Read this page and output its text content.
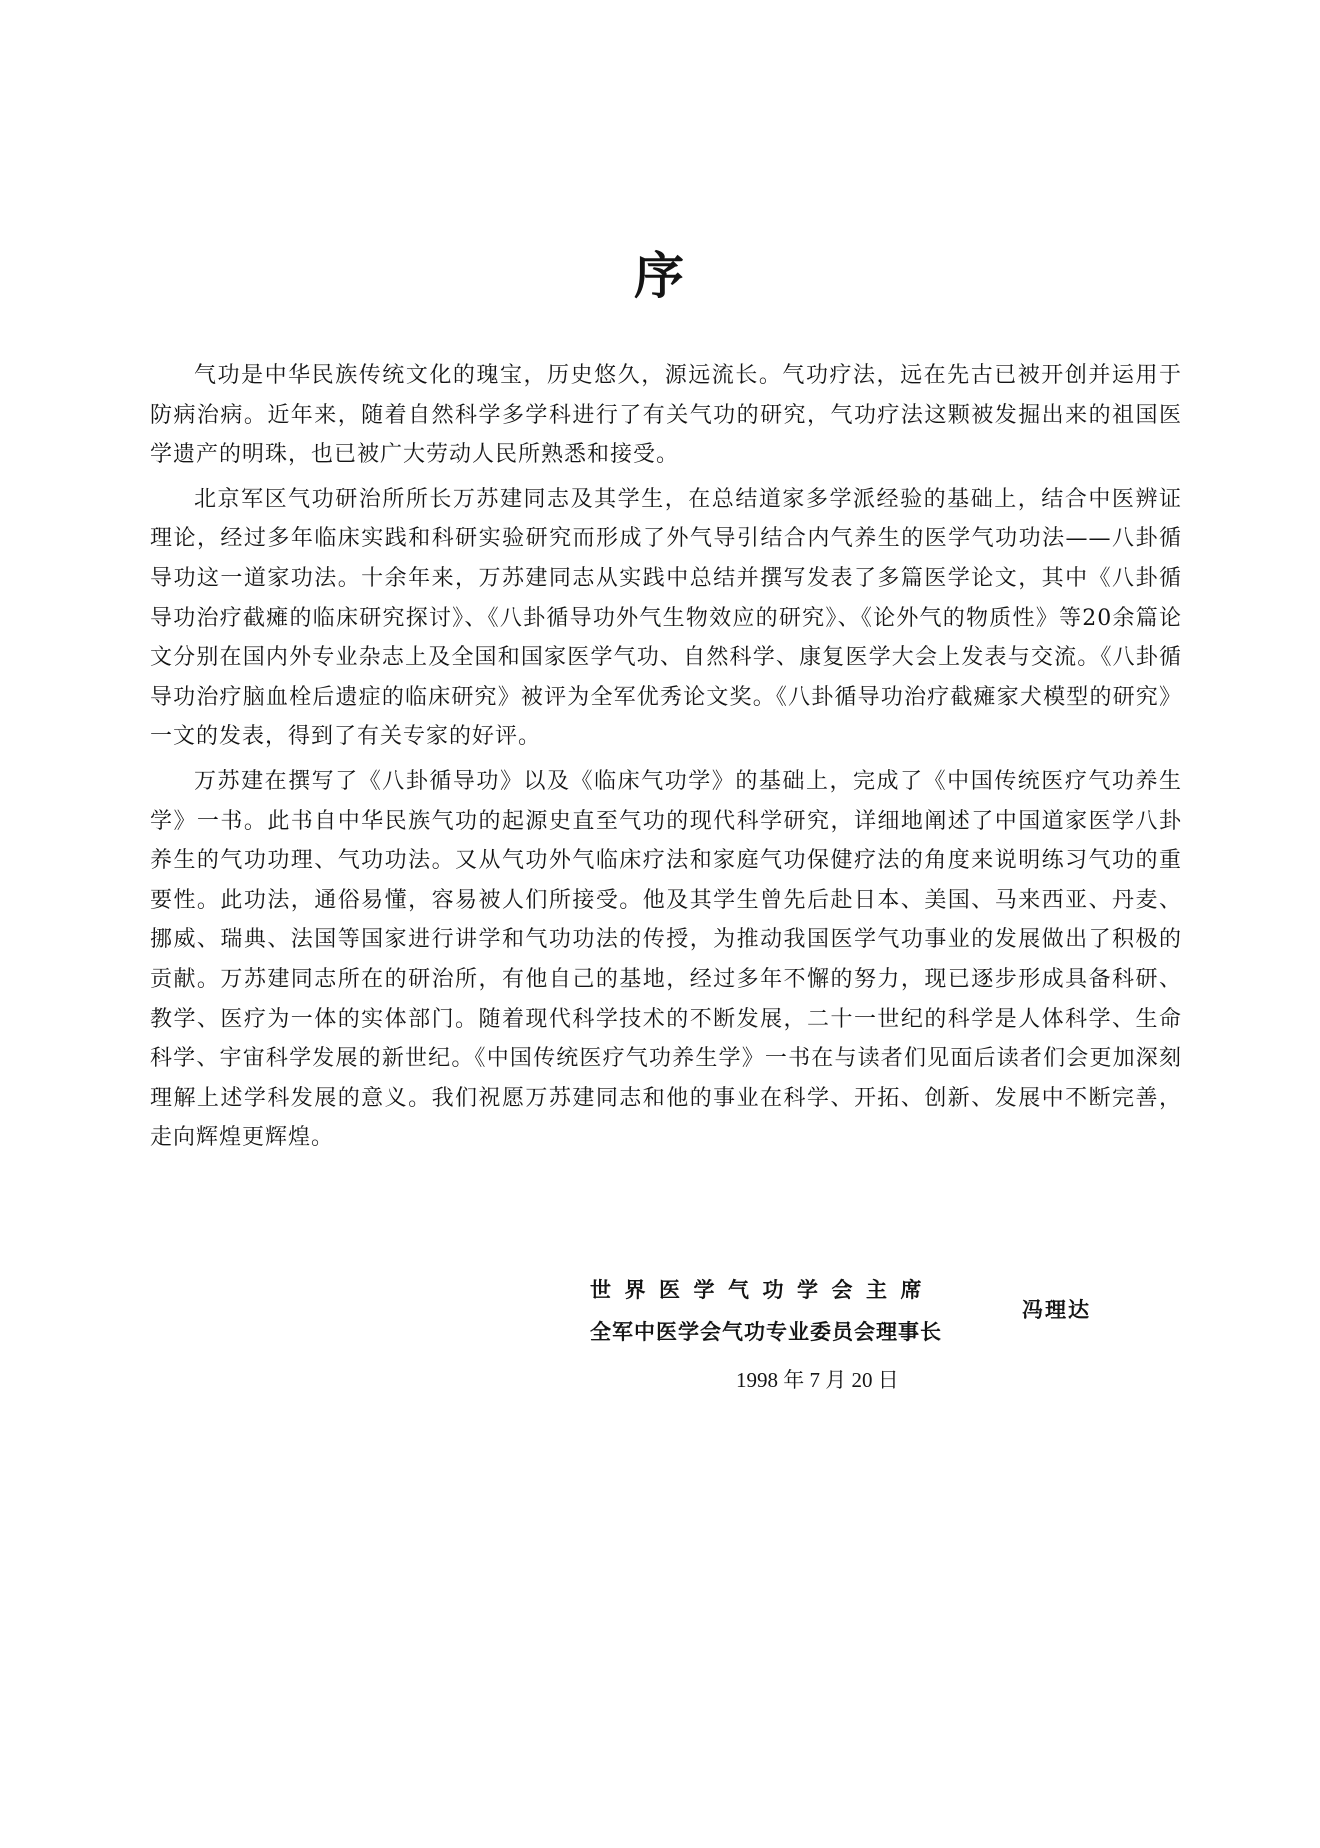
序

气功是中华民族传统文化的瑰宝，历史悠久，源远流长。气功疗法，远在先古已被开创并运用于防病治病。近年来，随着自然科学多学科进行了有关气功的研究，气功疗法这颗被发掘出来的祖国医学遗产的明珠，也已被广大劳动人民所熟悉和接受。

北京军区气功研治所所长万苏建同志及其学生，在总结道家多学派经验的基础上，结合中医辨证理论，经过多年临床实践和科研实验研究而形成了外气导引结合内气养生的医学气功功法——八卦循导功这一道家功法。十余年来，万苏建同志从实践中总结并撰写发表了多篇医学论文，其中《八卦循导功治疗截瘫的临床研究探讨》、《八卦循导功外气生物效应的研究》、《论外气的物质性》等20余篇论文分别在国内外专业杂志上及全国和国家医学气功、自然科学、康复医学大会上发表与交流。《八卦循导功治疗脑血栓后遗症的临床研究》被评为全军优秀论文奖。《八卦循导功治疗截瘫家犬模型的研究》一文的发表，得到了有关专家的好评。

万苏建在撰写了《八卦循导功》以及《临床气功学》的基础上，完成了《中国传统医疗气功养生学》一书。此书自中华民族气功的起源史直至气功的现代科学研究，详细地阐述了中国道家医学八卦养生的气功功理、气功功法。又从气功外气临床疗法和家庭气功保健疗法的角度来说明练习气功的重要性。此功法，通俗易懂，容易被人们所接受。他及其学生曾先后赴日本、美国、马来西亚、丹麦、挪威、瑞典、法国等国家进行讲学和气功功法的传授，为推动我国医学气功事业的发展做出了积极的贡献。万苏建同志所在的研治所，有他自己的基地，经过多年不懈的努力，现已逐步形成具备科研、教学、医疗为一体的实体部门。随着现代科学技术的不断发展，二十一世纪的科学是人体科学、生命科学、宇宙科学发展的新世纪。《中国传统医疗气功养生学》一书在与读者们见面后读者们会更加深刻理解上述学科发展的意义。我们祝愿万苏建同志和他的事业在科学、开拓、创新、发展中不断完善，走向辉煌更辉煌。

世界医学气功学会主席
全军中医学会气功专业委员会理事长
冯理达
1998 年 7 月 20 日
